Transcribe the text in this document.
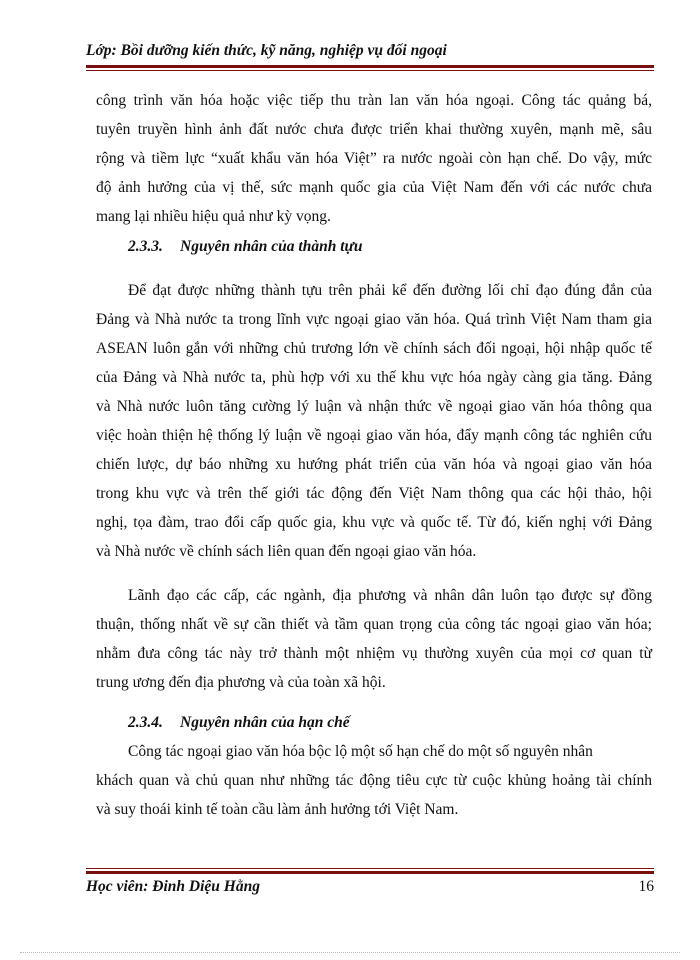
Lớp: Bồi dưỡng kiến thức, kỹ năng, nghiệp vụ đối ngoại
công trình văn hóa hoặc việc tiếp thu tràn lan văn hóa ngoại. Công tác quảng bá,
tuyên truyền hình ảnh đất nước chưa được triển khai thường xuyên, mạnh mẽ, sâu
rộng và tiềm lực “xuất khẩu văn hóa Việt” ra nước ngoài còn hạn chế. Do vậy, mức
độ ảnh hưởng của vị thế, sức mạnh quốc gia của Việt Nam đến với các nước chưa
mang lại nhiều hiệu quả như kỳ vọng.
2.3.3. Nguyên nhân của thành tựu
Để đạt được những thành tựu trên phải kể đến đường lối chỉ đạo đúng đắn của
Đảng và Nhà nước ta trong lĩnh vực ngoại giao văn hóa. Quá trình Việt Nam tham gia
ASEAN luôn gắn với những chủ trương lớn về chính sách đối ngoại, hội nhập quốc tế
của Đảng và Nhà nước ta, phù hợp với xu thế khu vực hóa ngày càng gia tăng. Đảng
và Nhà nước luôn tăng cường lý luận và nhận thức về ngoại giao văn hóa thông qua
việc hoàn thiện hệ thống lý luận về ngoại giao văn hóa, đẩy mạnh công tác nghiên cứu
chiến lược, dự báo những xu hướng phát triển của văn hóa và ngoại giao văn hóa
trong khu vực và trên thế giới tác động đến Việt Nam thông qua các hội thảo, hội
nghị, tọa đàm, trao đổi cấp quốc gia, khu vực và quốc tế. Từ đó, kiến nghị với Đảng
và Nhà nước về chính sách liên quan đến ngoại giao văn hóa.
Lãnh đạo các cấp, các ngành, địa phương và nhân dân luôn tạo được sự đồng
thuận, thống nhất về sự cần thiết và tầm quan trọng của công tác ngoại giao văn hóa;
nhằm đưa công tác này trở thành một nhiệm vụ thường xuyên của mọi cơ quan từ
trung ương đến địa phương và của toàn xã hội.
2.3.4. Nguyên nhân của hạn chế
Công tác ngoại giao văn hóa bộc lộ một số hạn chế do một số nguyên nhân
khách quan và chủ quan như những tác động tiêu cực từ cuộc khủng hoảng tài chính
và suy thoái kinh tế toàn cầu làm ảnh hưởng tới Việt Nam.
Học viên: Đinh Diệu Hằng	16
